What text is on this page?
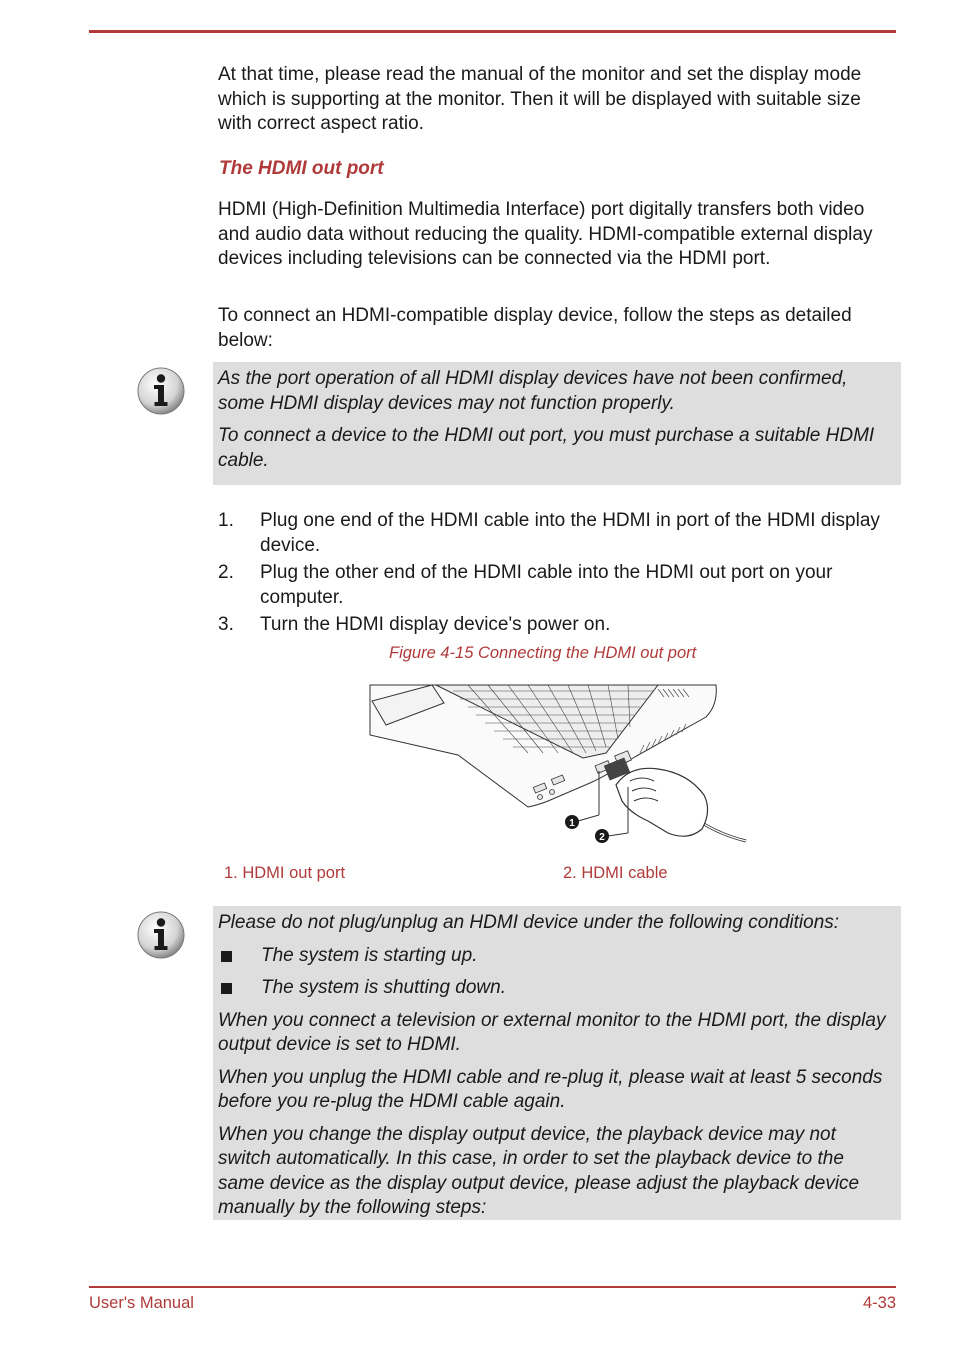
At that time, please read the manual of the monitor and set the display mode which is supporting at the monitor. Then it will be displayed with suitable size with correct aspect ratio.

The HDMI out port

HDMI (High-Definition Multimedia Interface) port digitally transfers both video and audio data without reducing the quality. HDMI-compatible external display devices including televisions can be connected via the HDMI port.

To connect an HDMI-compatible display device, follow the steps as detailed below:

As the port operation of all HDMI display devices have not been confirmed, some HDMI display devices may not function properly.

To connect a device to the HDMI out port, you must purchase a suitable HDMI cable.

1. Plug one end of the HDMI cable into the HDMI in port of the HDMI display device.
2. Plug the other end of the HDMI cable into the HDMI out port on your computer.
3. Turn the HDMI display device's power on.

Figure 4-15 Connecting the HDMI out port

1
2

1. HDMI out port	2. HDMI cable

Please do not plug/unplug an HDMI device under the following conditions:

The system is starting up.

The system is shutting down.

When you connect a television or external monitor to the HDMI port, the display output device is set to HDMI.

When you unplug the HDMI cable and re-plug it, please wait at least 5 seconds before you re-plug the HDMI cable again.

When you change the display output device, the playback device may not switch automatically. In this case, in order to set the playback device to the same device as the display output device, please adjust the playback device manually by the following steps:

User's Manual	4-33
